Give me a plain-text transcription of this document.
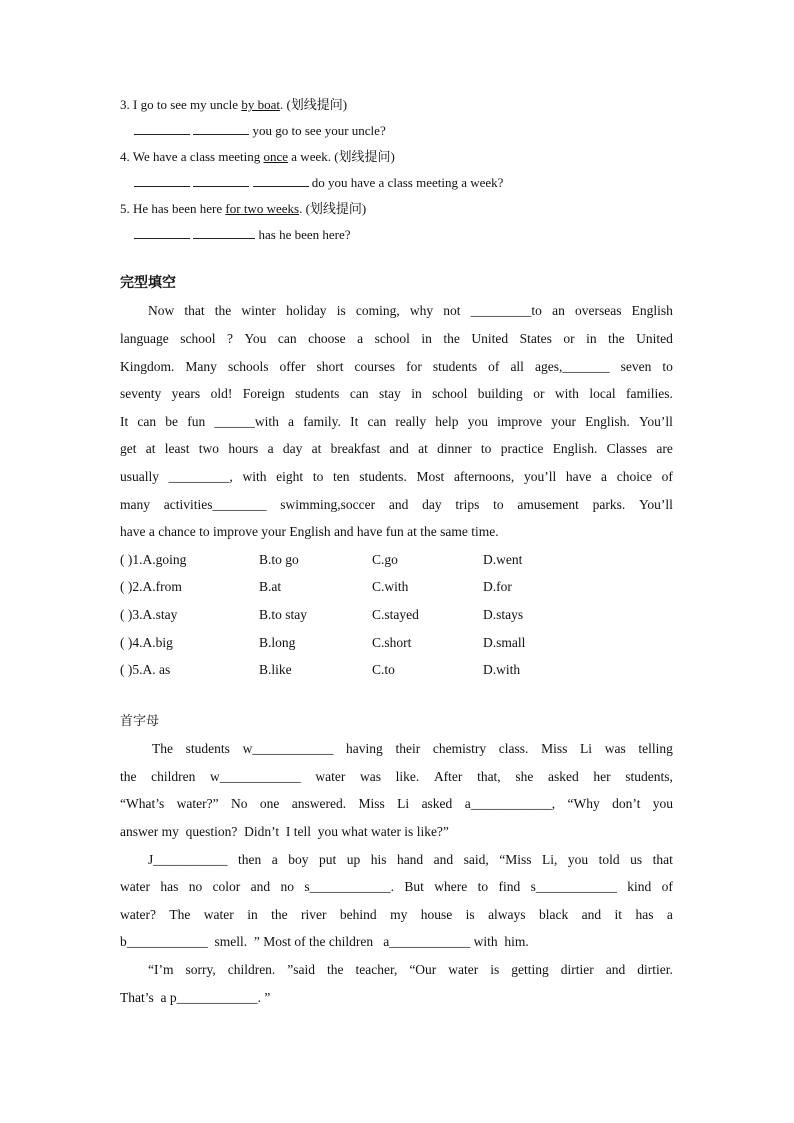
3. I go to see my uncle by boat. (划线提问)
you go to see your uncle?
4. We have a class meeting once a week. (划线提问)
do you have a class meeting a week?
5. He has been here for two weeks. (划线提问)
has he been here?
完型填空
Now that the winter holiday is coming, why not _________to an overseas English
language school ? You can choose a school in the United States or in the United
Kingdom. Many schools offer short courses for students of all ages,_______ seven to
seventy years old! Foreign students can stay in school building or with local families.
It can be fun ______with a family. It can really help you improve your English. You’ll
get at least two hours a day at breakfast and at dinner to practice English. Classes are
usually _________, with eight to ten students. Most afternoons, you’ll have a choice of
many activities________ swimming,soccer and day trips to amusement parks. You’ll
have a chance to improve your English and have fun at the same time.
( )1.A.going	B.to go	C.go	D.went
( )2.A.from	B.at	C.with	D.for
( )3.A.stay	B.to stay	C.stayed	D.stays
( )4.A.big	B.long	C.short	D.small
( )5.A. as	B.like	C.to	D.with
首字母
The students w____________ having their chemistry class. Miss Li was telling
the children w____________ water was like. After that, she asked her students,
“What’s water?” No one answered. Miss Li asked a____________, “Why don’t you
answer my  question?  Didn’t  I tell  you what water is like?”
J___________ then a boy put up his hand and said, “Miss Li, you told us that
water has no color and no s____________. But where to find s____________ kind of
water? The water in the river behind my house is always black and it has a
b____________  smell.  ” Most of the children   a____________ with  him.
“I’m sorry, children. ”said the teacher, “Our water is getting dirtier and dirtier.
That’s  a p____________. ”
